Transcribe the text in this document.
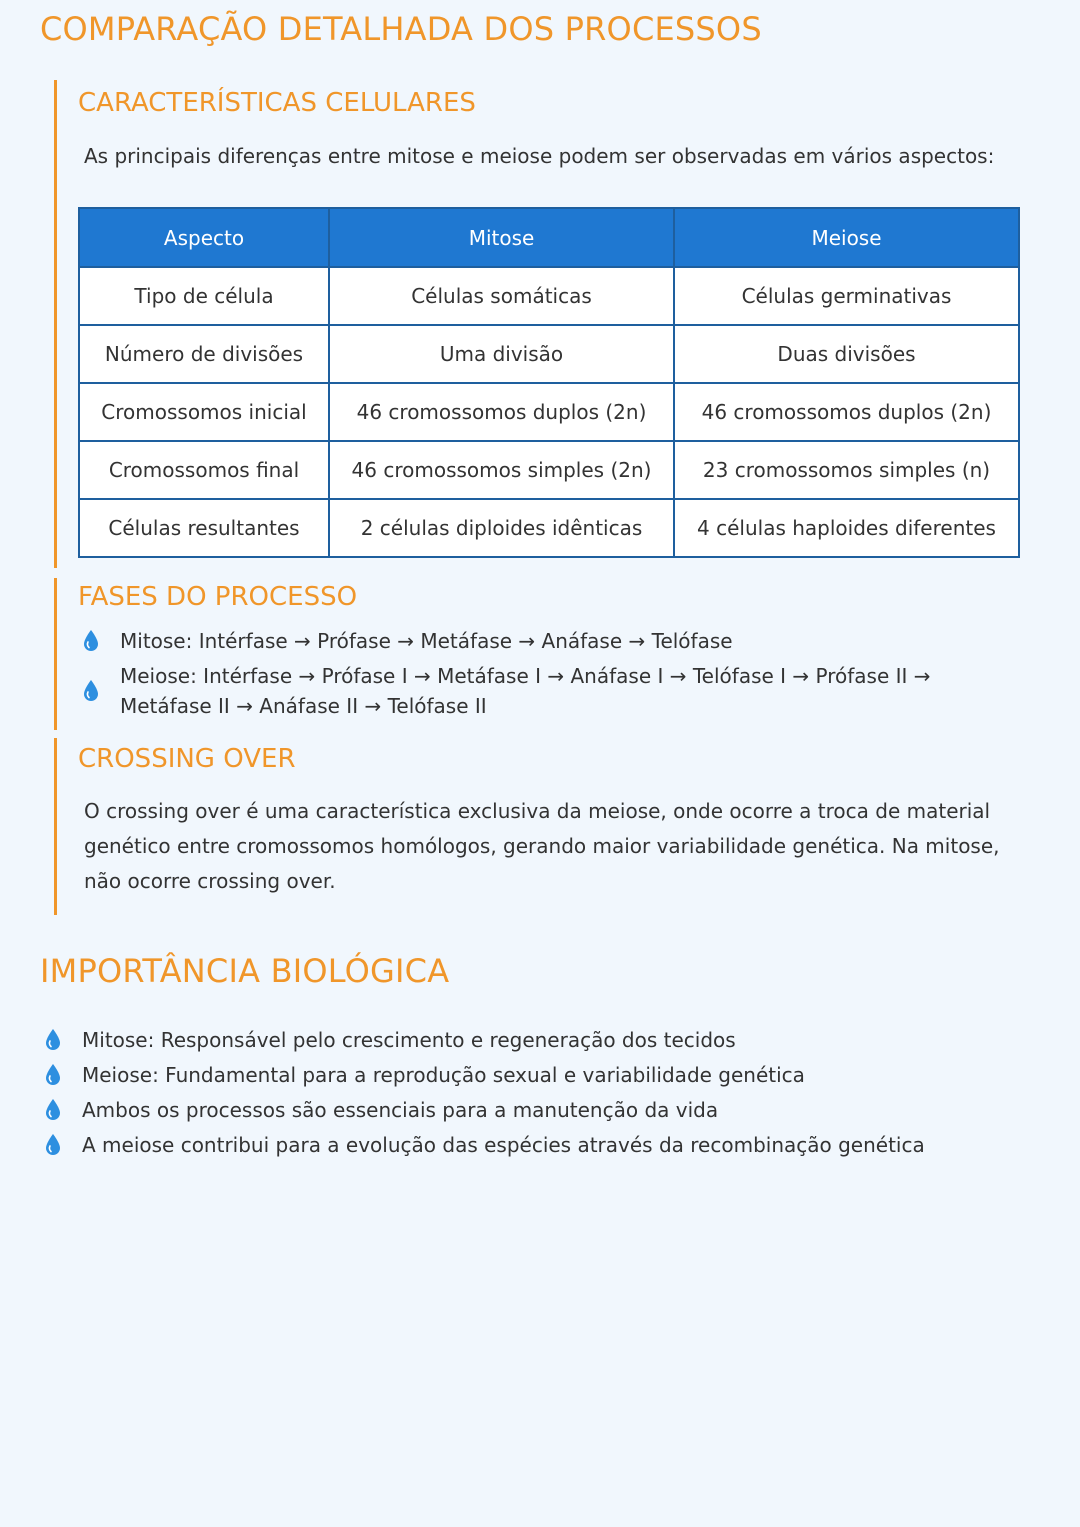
COMPARAÇÃO DETALHADA DOS PROCESSOS
CARACTERÍSTICAS CELULARES

As principais diferenças entre mitose e meiose podem ser observadas em vários aspectos:

Aspecto	Mitose	Meiose
Tipo de célula	Células somáticas	Células germinativas
Número de divisões	Uma divisão	Duas divisões
Cromossomos inicial	46 cromossomos duplos (2n)	46 cromossomos duplos (2n)
Cromossomos final	46 cromossomos simples (2n)	23 cromossomos simples (n)
Células resultantes	2 células diploides idênticas	4 células haploides diferentes
FASES DO PROCESSO
Mitose: Intérfase → Prófase → Metáfase → Anáfase → Telófase
Meiose: Intérfase → Prófase I → Metáfase I → Anáfase I → Telófase I → Prófase II → Metáfase II → Anáfase II → Telófase II
CROSSING OVER

O crossing over é uma característica exclusiva da meiose, onde ocorre a troca de material genético entre cromossomos homólogos, gerando maior variabilidade genética. Na mitose, não ocorre crossing over.

IMPORTÂNCIA BIOLÓGICA
Mitose: Responsável pelo crescimento e regeneração dos tecidos
Meiose: Fundamental para a reprodução sexual e variabilidade genética
Ambos os processos são essenciais para a manutenção da vida
A meiose contribui para a evolução das espécies através da recombinação genética
